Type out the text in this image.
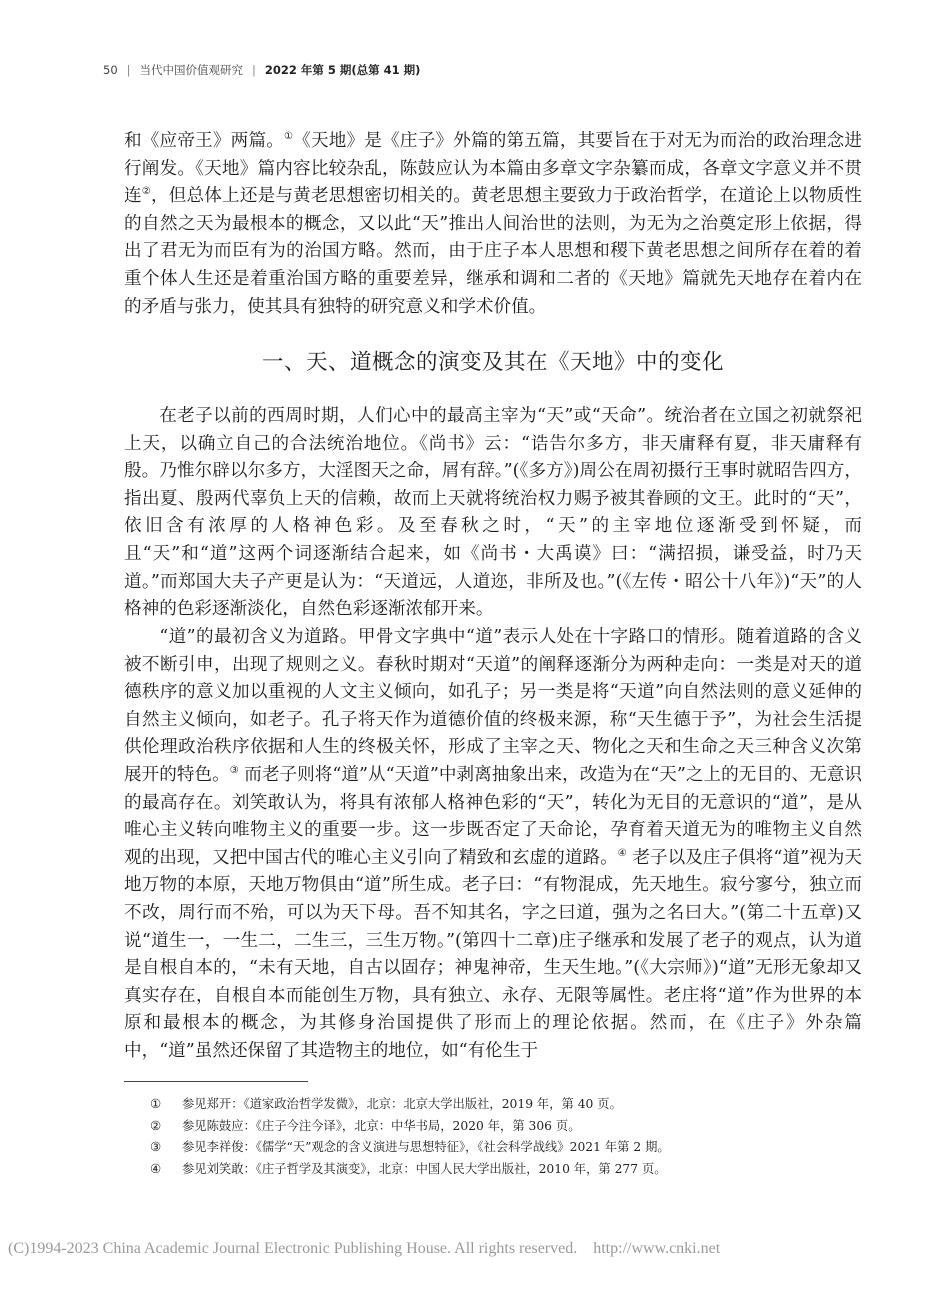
50 | 当代中国价值观研究 | 2022 年第 5 期(总第 41 期)

和《应帝王》两篇。①《天地》是《庄子》外篇的第五篇，其要旨在于对无为而治的政治理念进行阐发。《天地》篇内容比较杂乱，陈鼓应认为本篇由多章文字杂纂而成，各章文字意义并不贯连②，但总体上还是与黄老思想密切相关的。黄老思想主要致力于政治哲学，在道论上以物质性的自然之天为最根本的概念，又以此“天”推出人间治世的法则，为无为之治奠定形上依据，得出了君无为而臣有为的治国方略。然而，由于庄子本人思想和稷下黄老思想之间所存在着的着重个体人生还是着重治国方略的重要差异，继承和调和二者的《天地》篇就先天地存在着内在的矛盾与张力，使其具有独特的研究意义和学术价值。

一、天、道概念的演变及其在《天地》中的变化

在老子以前的西周时期，人们心中的最高主宰为“天”或“天命”。统治者在立国之初就祭祀上天，以确立自己的合法统治地位。《尚书》云：“诰告尔多方，非天庸释有夏，非天庸释有殷。乃惟尔辟以尔多方，大淫图天之命，屑有辞。”(《多方》)周公在周初摄行王事时就昭告四方，指出夏、殷两代辜负上天的信赖，故而上天就将统治权力赐予被其眷顾的文王。此时的“天”，依旧含有浓厚的人格神色彩。及至春秋之时，“天”的主宰地位逐渐受到怀疑，而且“天”和“道”这两个词逐渐结合起来，如《尚书・大禹谟》曰：“满招损，谦受益，时乃天道。”而郑国大夫子产更是认为：“天道远，人道迩，非所及也。”(《左传・昭公十八年》)“天”的人格神的色彩逐渐淡化，自然色彩逐渐浓郁开来。

“道”的最初含义为道路。甲骨文字典中“道”表示人处在十字路口的情形。随着道路的含义被不断引申，出现了规则之义。春秋时期对“天道”的阐释逐渐分为两种走向：一类是对天的道德秩序的意义加以重视的人文主义倾向，如孔子；另一类是将“天道”向自然法则的意义延伸的自然主义倾向，如老子。孔子将天作为道德价值的终极来源，称“天生德于予”，为社会生活提供伦理政治秩序依据和人生的终极关怀，形成了主宰之天、物化之天和生命之天三种含义次第展开的特色。③ 而老子则将“道”从“天道”中剥离抽象出来，改造为在“天”之上的无目的、无意识的最高存在。刘笑敢认为，将具有浓郁人格神色彩的“天”，转化为无目的无意识的“道”，是从唯心主义转向唯物主义的重要一步。这一步既否定了天命论，孕育着天道无为的唯物主义自然观的出现，又把中国古代的唯心主义引向了精致和玄虚的道路。④ 老子以及庄子俱将“道”视为天地万物的本原，天地万物俱由“道”所生成。老子曰：“有物混成，先天地生。寂兮寥兮，独立而不改，周行而不殆，可以为天下母。吾不知其名，字之曰道，强为之名曰大。”(第二十五章)又说“道生一，一生二，二生三，三生万物。”(第四十二章)庄子继承和发展了老子的观点，认为道是自根自本的，“未有天地，自古以固存；神鬼神帝，生天生地。”(《大宗师》)“道”无形无象却又真实存在，自根自本而能创生万物，具有独立、永存、无限等属性。老庄将“道”作为世界的本原和最根本的概念，为其修身治国提供了形而上的理论依据。然而，在《庄子》外杂篇中，“道”虽然还保留了其造物主的地位，如“有伦生于

① 参见郑开：《道家政治哲学发微》，北京：北京大学出版社，2019 年，第 40 页。
② 参见陈鼓应：《庄子今注今译》，北京：中华书局，2020 年，第 306 页。
③ 参见李祥俊：《儒学“天”观念的含义演进与思想特征》，《社会科学战线》2021 年第 2 期。
④ 参见刘笑敢：《庄子哲学及其演变》，北京：中国人民大学出版社，2010 年，第 277 页。
(C)1994-2023 China Academic Journal Electronic Publishing House. All rights reserved.    http://www.cnki.net
